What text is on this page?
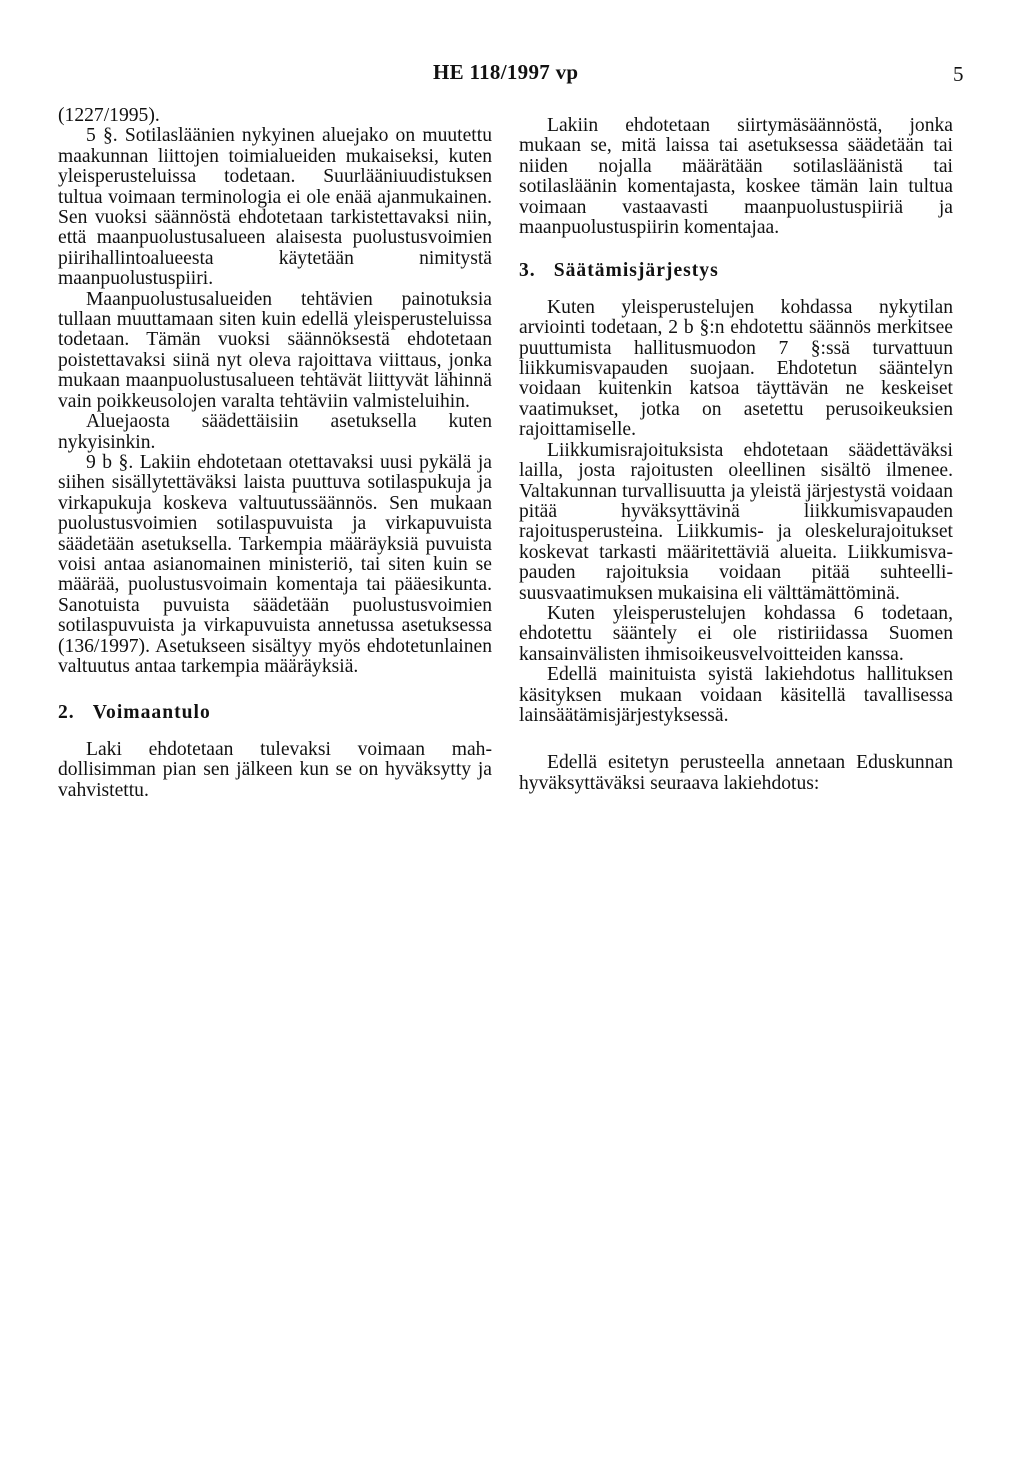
HE 118/1997 vp	5

(1227/1995).

5 §. Sotilasläänien nykyinen aluejako on muutettu maakunnan liittojen toimialueiden mukaiseksi, kuten yleisperusteluissa todetaan. Suurlääniuudistuksen tultua voimaan terminologia ei ole enää ajanmukainen. Sen vuoksi säännöstä ehdotetaan tarkistettavaksi niin, että maanpuolustusalueen alaisesta puolustusvoimien piirihallintoalueesta käytetään nimitystä maanpuolustuspiiri.

Maanpuolustusalueiden tehtävien painotuksia tullaan muuttamaan siten kuin edellä yleisperusteluissa todetaan. Tämän vuoksi säännöksestä ehdotetaan poistettavaksi siinä nyt oleva rajoittava viittaus, jonka mukaan maanpuolustusalueen tehtävät liittyvät lähinnä vain poikkeusolojen varalta tehtäviin valmisteluihin.

Aluejaosta säädettäisiin asetuksella kuten nykyisinkin.

9 b §. Lakiin ehdotetaan otettavaksi uusi pykälä ja siihen sisällytettäväksi laista puuttuva sotilaspukuja ja virkapukuja koskeva valtuutussäännös. Sen mukaan puolustusvoimien sotilaspuvuista ja virkapuvuista säädetään asetuksella. Tarkempia määräyksiä puvuista voisi antaa asianomainen ministeriö, tai siten kuin se määrää, puolustusvoimain komentaja tai pääesikunta. Sanotuista puvuista säädetään puolustusvoimien sotilaspuvuista ja virkapuvuista annetussa asetuksessa (136/1997). Asetukseen sisältyy myös ehdotetunlainen valtuutus antaa tarkempia määräyksiä.

2. Voimaantulo

Laki ehdotetaan tulevaksi voimaan mahdollisimman pian sen jälkeen kun se on hyväksytty ja vahvistettu.

Lakiin ehdotetaan siirtymäsäännöstä, jonka mukaan se, mitä laissa tai asetuksessa säädetään tai niiden nojalla määrätään sotilasläänistä tai sotilasläänin komentajasta, koskee tämän lain tultua voimaan vastaavasti maanpuolustuspiiriä ja maanpuolustuspiirin komentajaa.

3. Säätämisjärjestys

Kuten yleisperustelujen kohdassa nykytilan arviointi todetaan, 2 b §:n ehdotettu säännös merkitsee puuttumista hallitusmuodon 7 §:ssä turvattuun liikkumisvapauden suojaan. Ehdotetun sääntelyn voidaan kuitenkin katsoa täyttävän ne keskeiset vaatimukset, jotka on asetettu perusoikeuksien rajoittamiselle.

Liikkumisrajoituksista ehdotetaan säädettäväksi lailla, josta rajoitusten oleellinen sisältö ilmenee. Valtakunnan turvallisuutta ja yleistä järjestystä voidaan pitää hyväksyttävinä liikkumisvapauden rajoitusperusteina. Liikkumis- ja oleskelurajoitukset koskevat tarkasti määritettäviä alueita. Liikkumisvapauden rajoituksia voidaan pitää suhteellisuusvaatimuksen mukaisina eli välttämättöminä.

Kuten yleisperustelujen kohdassa 6 todetaan, ehdotettu sääntely ei ole ristiriidassa Suomen kansainvälisten ihmisoikeusvelvoitteiden kanssa.

Edellä mainituista syistä lakiehdotus hallituksen käsityksen mukaan voidaan käsitellä tavallisessa lainsäätämisjärjestyksessä.

Edellä esitetyn perusteella annetaan Eduskunnan hyväksyttäväksi seuraava lakiehdotus:
